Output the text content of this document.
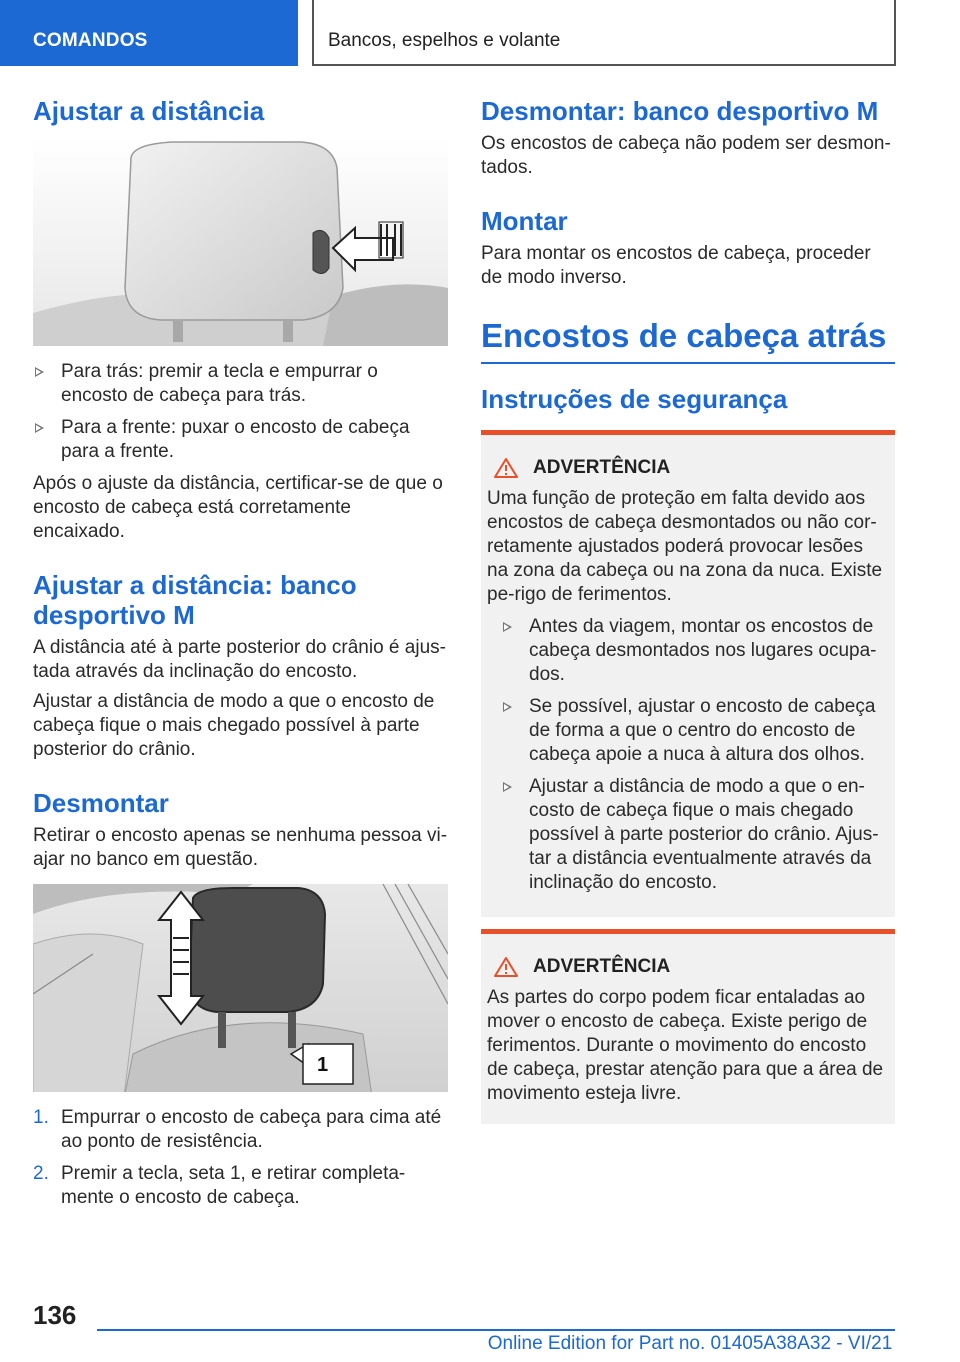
COMANDOS	Bancos, espelhos e volante
Ajustar a distância
Para trás: premir a tecla e empurrar o encosto de cabeça para trás.
Para a frente: puxar o encosto de cabeça para a frente.

Após o ajuste da distância, certificar-se de que o encosto de cabeça está corretamente encaixado.

Ajustar a distância: banco desportivo M

A distância até à parte posterior do crânio é ajus-tada através da inclinação do encosto.

Ajustar a distância de modo a que o encosto de cabeça fique o mais chegado possível à parte posterior do crânio.

Desmontar

Retirar o encosto apenas se nenhuma pessoa vi-ajar no banco em questão.

1
1. Empurrar o encosto de cabeça para cima até ao ponto de resistência.
2. Premir a tecla, seta 1, e retirar completa-mente o encosto de cabeça.
Desmontar: banco desportivo M

Os encostos de cabeça não podem ser desmon-tados.

Montar

Para montar os encostos de cabeça, proceder de modo inverso.

Encostos de cabeça atrás
Instruções de segurança
ADVERTÊNCIA

Uma função de proteção em falta devido aos encostos de cabeça desmontados ou não cor-retamente ajustados poderá provocar lesões na zona da cabeça ou na zona da nuca. Existe pe-rigo de ferimentos.

Antes da viagem, montar os encostos de cabeça desmontados nos lugares ocupa-dos.
Se possível, ajustar o encosto de cabeça de forma a que o centro do encosto de cabeça apoie a nuca à altura dos olhos.
Ajustar a distância de modo a que o en-costo de cabeça fique o mais chegado possível à parte posterior do crânio. Ajus-tar a distância eventualmente através da inclinação do encosto.
ADVERTÊNCIA

As partes do corpo podem ficar entaladas ao mover o encosto de cabeça. Existe perigo de ferimentos. Durante o movimento do encosto de cabeça, prestar atenção para que a área de movimento esteja livre.

136
Online Edition for Part no. 01405A38A32 - VI/21
